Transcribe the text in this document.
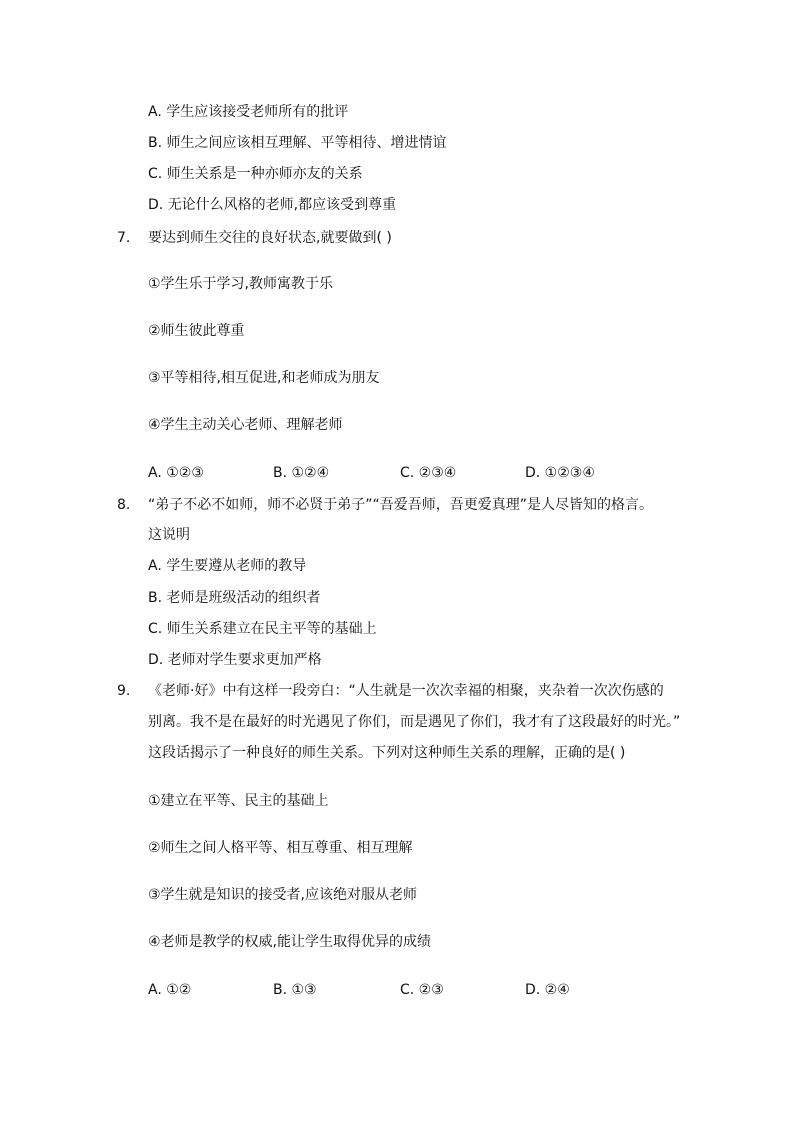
A. 学生应该接受老师所有的批评
B. 师生之间应该相互理解、平等相待、增进情谊
C. 师生关系是一种亦师亦友的关系
D. 无论什么风格的老师,都应该受到尊重
7. 要达到师生交往的良好状态,就要做到( )
①学生乐于学习,教师寓教于乐
②师生彼此尊重
③平等相待,相互促进,和老师成为朋友
④学生主动关心老师、理解老师
A. ①②③	B. ①②④	C. ②③④	D. ①②③④
8. “弟子不必不如师，师不必贤于弟子”“吾爱吾师，吾更爱真理”是人尽皆知的格言。
这说明
A. 学生要遵从老师的教导
B. 老师是班级活动的组织者
C. 师生关系建立在民主平等的基础上
D. 老师对学生要求更加严格
9. 《老师·好》中有这样一段旁白：“人生就是一次次幸福的相聚，夹杂着一次次伤感的
别离。我不是在最好的时光遇见了你们，而是遇见了你们，我才有了这段最好的时光。”
这段话揭示了一种良好的师生关系。下列对这种师生关系的理解，正确的是( )
①建立在平等、民主的基础上
②师生之间人格平等、相互尊重、相互理解
③学生就是知识的接受者,应该绝对服从老师
④老师是教学的权威,能让学生取得优异的成绩
A. ①②	B. ①③	C. ②③	D. ②④
